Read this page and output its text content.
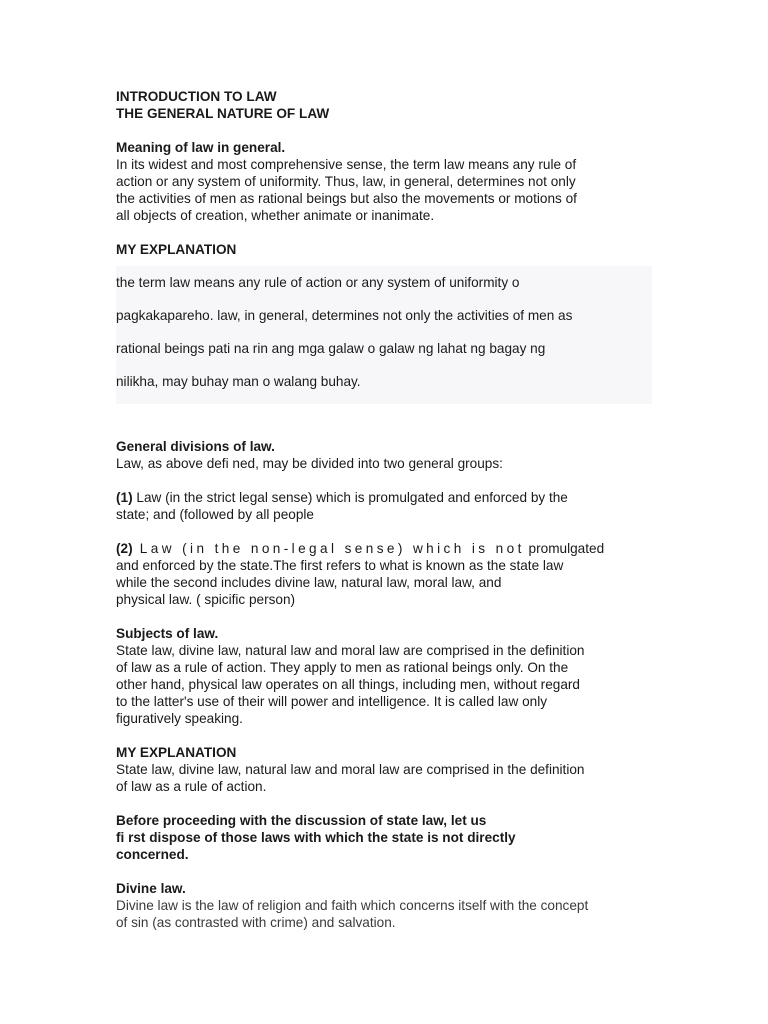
INTRODUCTION TO LAW
THE GENERAL NATURE OF LAW
Meaning of law in general.
In its widest and most comprehensive sense, the term law means any rule of
action or any system of uniformity. Thus, law, in general, determines not only
the activities of men as rational beings but also the movements or motions of
all objects of creation, whether animate or inanimate.
MY EXPLANATION
the term law means any rule of action or any system of uniformity o
pagkakapareho. law, in general, determines not only the activities of men as
rational beings pati na rin ang mga galaw o galaw ng lahat ng bagay ng
nilikha, may buhay man o walang buhay.
General divisions of law.
Law, as above defi ned, may be divided into two general groups:
(1) Law (in the strict legal sense) which is promulgated and enforced by the
state; and (followed by all people
(2) Law (in the non-legal sense) which is not promulgated
and enforced by the state.The first refers to what is known as the state law
while the second includes divine law, natural law, moral law, and
physical law. ( spicific person)
Subjects of law.
State law, divine law, natural law and moral law are comprised in the definition
of law as a rule of action. They apply to men as rational beings only. On the
other hand, physical law operates on all things, including men, without regard
to the latter's use of their will power and intelligence. It is called law only
figuratively speaking.
MY EXPLANATION
State law, divine law, natural law and moral law are comprised in the definition
of law as a rule of action.
Before proceeding with the discussion of state law, let us
fi rst dispose of those laws with which the state is not directly
concerned.
Divine law.
Divine law is the law of religion and faith which concerns itself with the concept
of sin (as contrasted with crime) and salvation.
